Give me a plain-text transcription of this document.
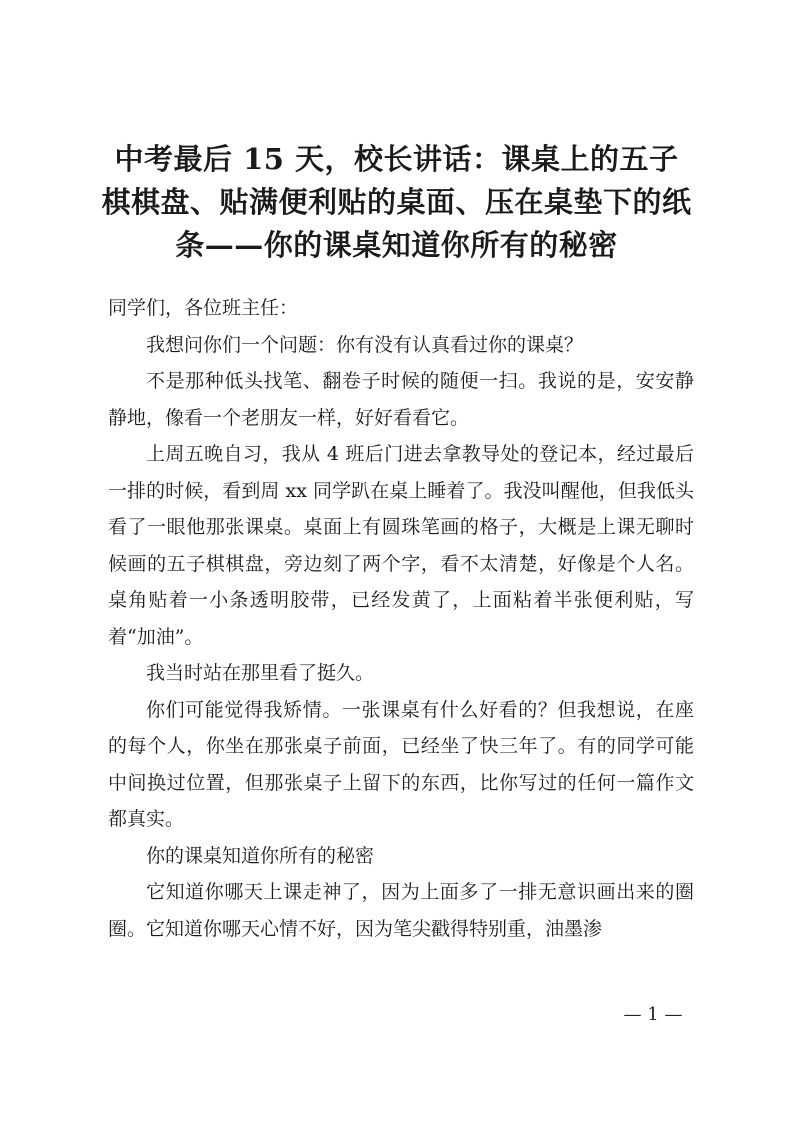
中考最后 15 天，校长讲话：课桌上的五子棋棋盘、贴满便利贴的桌面、压在桌垫下的纸条——你的课桌知道你所有的秘密

同学们，各位班主任：

我想问你们一个问题：你有没有认真看过你的课桌？

不是那种低头找笔、翻卷子时候的随便一扫。我说的是，安安静静地，像看一个老朋友一样，好好看看它。

上周五晚自习，我从 4 班后门进去拿教导处的登记本，经过最后一排的时候，看到周 xx 同学趴在桌上睡着了。我没叫醒他，但我低头看了一眼他那张课桌。桌面上有圆珠笔画的格子，大概是上课无聊时候画的五子棋棋盘，旁边刻了两个字，看不太清楚，好像是个人名。桌角贴着一小条透明胶带，已经发黄了，上面粘着半张便利贴，写着“加油”。

我当时站在那里看了挺久。

你们可能觉得我矫情。一张课桌有什么好看的？但我想说，在座的每个人，你坐在那张桌子前面，已经坐了快三年了。有的同学可能中间换过位置，但那张桌子上留下的东西，比你写过的任何一篇作文都真实。

你的课桌知道你所有的秘密

它知道你哪天上课走神了，因为上面多了一排无意识画出来的圈圈。它知道你哪天心情不好，因为笔尖戳得特别重，油墨渗

— 1 —
